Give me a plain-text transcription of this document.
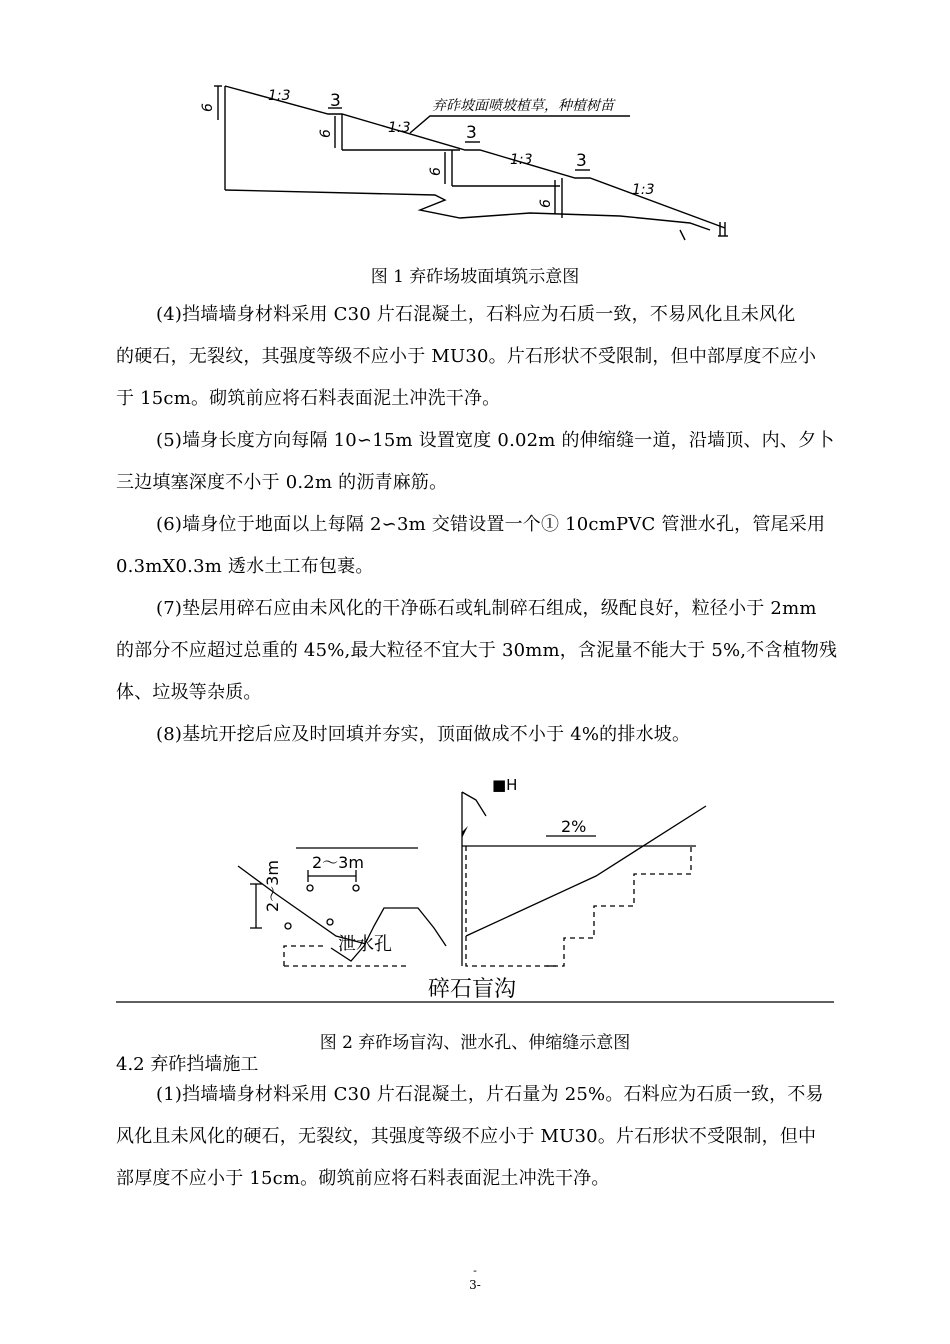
6
1:3 3
6	1:3
弃砟坡面喷坡植草，种植树苗
3
6
1:3	3
6
1:3
图 1 弃砟场坡面填筑示意图
(4)挡墙墙身材料采用 C30 片石混凝土，石料应为石质一致，不易风化且未风化
的硬石，无裂纹，其强度等级不应小于 MU30。片石形状不受限制，但中部厚度不应小
于 15cm。砌筑前应将石料表面泥土冲洗干净。
(5)墙身长度方向每隔 10∽15m 设置宽度 0.02m 的伸缩缝一道，沿墙顶、内、夕卜
三边填塞深度不小于 0.2m 的沥青麻筋。
(6)墙身位于地面以上每隔 2∽3m 交错设置一个① 10cmPVC 管泄水孔，管尾采用
0.3mX0.3m 透水土工布包裹。
(7)垫层用碎石应由未风化的干净砾石或轧制碎石组成，级配良好，粒径小于 2mm
的部分不应超过总重的 45%,最大粒径不宜大于 30mm，含泥量不能大于 5%,不含植物残
体、垃圾等杂质。
(8)基坑开挖后应及时回填并夯实，顶面做成不小于 4%的排水坡。
■H
2～3m
2～3m
泄水孔
2%
碎石盲沟
图 2 弃砟场盲沟、泄水孔、伸缩缝示意图
4.2 弃砟挡墙施工
(1)挡墙墙身材料采用 C30 片石混凝土，片石量为 25%。石料应为石质一致，不易
风化且未风化的硬石，无裂纹，其强度等级不应小于 MU30。片石形状不受限制，但中
部厚度不应小于 15cm。砌筑前应将石料表面泥土冲洗干净。
-
3-
